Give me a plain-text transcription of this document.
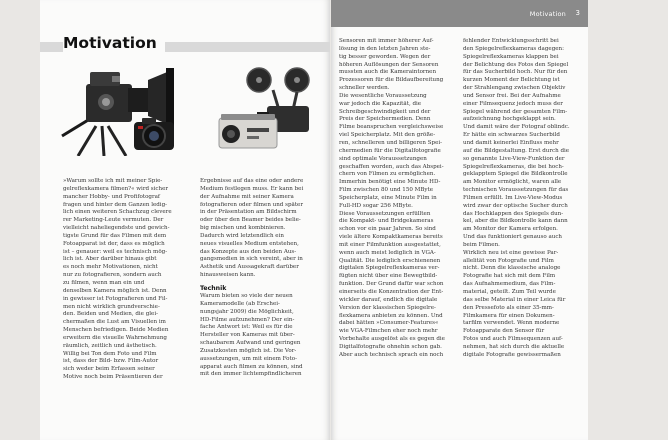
Motivation
»Warum sollte ich mit meiner Spie-
gelreflexkamera filmen?« wird sicher
mancher Hobby- und Profifotograf
fragen und hinter dem Ganzen ledig-
lich einen weiteren Schachzug clevere
rer Marketing-Leute vermuten. Der
vielleicht naheliegendste und gewich-
tigste Grund für das Filmen mit dem
Fotoapparat ist der, dass es möglich
ist – genauer: weil es technisch mög-
lich ist. Aber darüber hinaus gibt
es noch mehr Motivationen, nicht
nur zu fotografieren, sondern auch
zu filmen, wenn man ein und
denselben Kamera möglich ist. Denn
in gewisser ist Fotografieren und Fil-
men nicht wirklich grundverschie-
den. Beiden und Medien, die glei-
chermaßen die Lust am Visuellen im
Menschen befriedigen. Beide Medien
erweitern die visuelle Wahrnehmung
räumlich, zeitlich und ästhetisch.
Willig bei Ton dem Foto und Film
ist, dass der Bild- bzw. Film-Autor
sich weder beim Erfassen seiner
Motive noch beim Präsentieren der
Ergebnisse auf das eine oder andere
Medium festlegen muss. Er kann bei
der Aufnahme mit seiner Kamera
fotografieren oder filmen und später
in der Präsentation am Bildschirm
oder über den Beamer beides belie-
big mischen und kombinieren.
Dadurch wird letztendlich ein
neues visuelles Medium entstehen,
das Konzepte aus den beiden Aus-
gangsmedien in sich vereint, aber in
Ästhetik und Aussagekraft darüber
hinausweisen kann.
Technik
Warum bieten so viele der neuen
Kameramodelle (ab Erschei-
nungsjahr 2009) die Möglichkeit,
HD-Filme aufzunehmen? Der ein-
fache Antwort ist: Weil es für die
Hersteller von Kameras mit über-
schaubarem Aufwand und geringen
Zusatzkosten möglich ist. Die Vor-
aussetzungen, um mit einem Foto-
apparat auch filmen zu können, sind
mit den immer lichtempfindlicheren
Motivation 3
Sensoren mit immer höherer Auf-
lösung in den letzten Jahren ste-
tig besser geworden. Wegen der
höheren Auflösungen der Sensoren
mussten auch die Kameraintornen
Prozessoren für die Bildaufbereitung
schneller werden.
Die wesentliche Voraussetzung
war jedoch die Kapazität, die
Schreibgeschwindigkeit und der
Preis der Speichermedien. Denn
Filme beanspruchen vergleichsweise
viel Speicherplatz. Mit den größe-
ren, schnelleren und billigeren Spei-
chermedien für die Digitalfotografie
sind optimale Voraussetzungen
geschaffen worden, auch das Abspei-
chern von Filmen zu ermöglichen.
Immerhin benötigt eine Minute HD-
Film zwischen 80 und 150 MByte
Speicherplatz, eine Minute Film in
Full-HD sogar 256 MByte.
Diese Voraussetzungen erfüllten
die Kompakt- und Bridgekameras
schon vor ein paar Jahren. So sind
viele ältere Kompaktkameras bereits
mit einer Filmfunktion ausgestattet,
wenn auch meist lediglich in VGA-
Qualität. Die lediglich erschienenen
digitalen Spiegelreflexkameras ver-
fügten nicht über eine Bewegtbild-
funktion. Der Grund dafür war schon
einerseits die Konzentration der Ent-
wickler darauf, endlich die digitale
Version der klassischen Spiegelre-
flexkamera anbieten zu können. Und
dabei hätten »Consumer-Features«
wie VGA-Filmchen eher noch mehr
Vorbehalte ausgelöst als es gegen die
Digitalfotografie ohnehin schon gab.
Aber auch technisch sprach ein noch
fehlender Entwicklungsschritt bei
den Spiegelreflexkameras dagegen:
Spiegelreflexkameras klappen bei
der Belichtung des Fotos den Spiegel
für das Sucherbild hoch. Nur für den
kurzen Moment der Belichtung ist
der Strahlengang zwischen Objektiv
und Sensor frei. Bei der Aufnahme
einer Filmsequenz jedoch muss der
Spiegel während der gesamten Film-
aufzeichnung hochgeklappt sein.
Und damit wäre der Fotograf oblindc.
Er hätte ein schwarzes Sucherbild
und damit keinerlei Einfluss mehr
auf die Bildgestaltung. Erst durch die
so genannte Live-View-Funktion der
Spiegelreflexkameras, die bei hoch-
geklapptem Spiegel die Bildkontrolle
am Monitor ermöglicht, waren alle
technischen Voraussetzungen für das
Filmen erfüllt. Im Live-View-Modus
wird zwar der optische Sucher durch
das Hochklappen des Spiegels dun-
kel, aber die Bildkontrolle kann dann
am Monitor der Kamera erfolgen.
Und das funktioniert genauso auch
beim Filmen.
Wirklich neu ist eine gewisse Par-
allelität von Fotografie und Film
nicht. Denn die klassische analoge
Fotografie hat sich mit dem Film
das Aufnahmemedium, das Film-
material, geteilt. Zum Teil wurde
das selbe Material in einer Leica für
den Pressefoto als einer 35-mm-
Filmkamera für einen Dokumen-
tarfilm verwendet. Wenn moderne
Fotoapparate den Sensor für
Fotos und auch Filmsequenzen auf-
nehmen, hat sich durch die aktuelle
digitale Fotografie gewissermaßen
